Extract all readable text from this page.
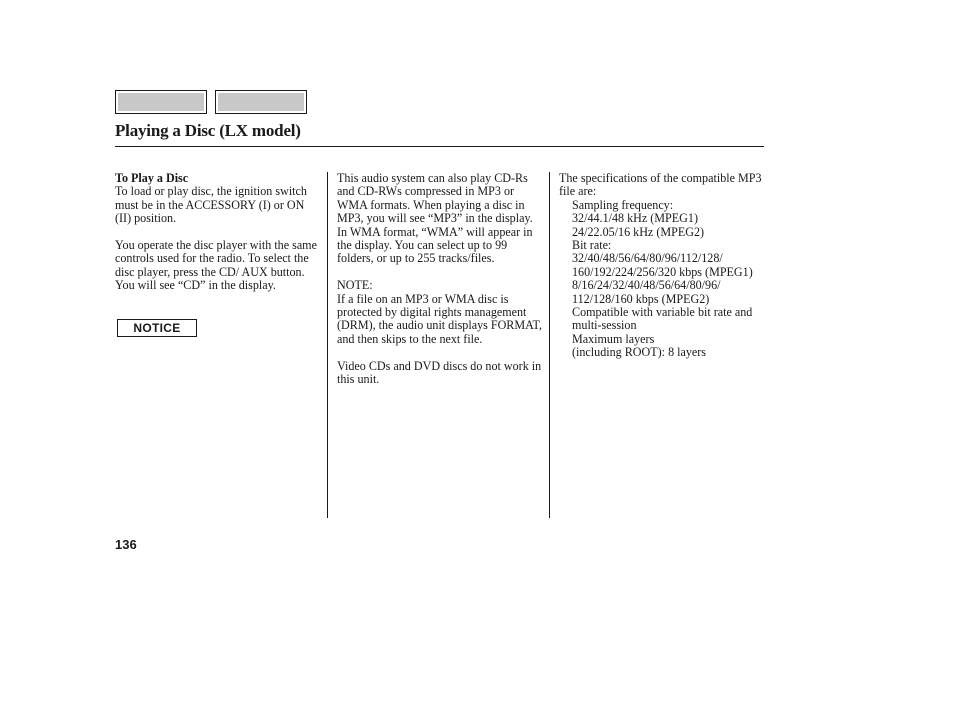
Playing a Disc (LX model)

To Play a Disc

To load or play disc, the ignition switch must be in the ACCESSORY (I) or ON (II) position.

You operate the disc player with the same controls used for the radio. To select the disc player, press the CD/ AUX button. You will see “CD” in the display.

NOTICE

This audio system can also play CD-Rs and CD-RWs compressed in MP3 or WMA formats. When playing a disc in MP3, you will see “MP3” in the display. In WMA format, “WMA” will appear in the display. You can select up to 99 folders, or up to 255 tracks/files.

NOTE:

If a file on an MP3 or WMA disc is protected by digital rights management (DRM), the audio unit displays FORMAT, and then skips to the next file.

Video CDs and DVD discs do not work in this unit.

The specifications of the compatible MP3 file are:

Sampling frequency:

32/44.1/48 kHz (MPEG1)

24/22.05/16 kHz (MPEG2)

Bit rate:

32/40/48/56/64/80/96/112/128/ 160/192/224/256/320 kbps (MPEG1)

8/16/24/32/40/48/56/64/80/96/ 112/128/160 kbps (MPEG2)

Compatible with variable bit rate and multi-session

Maximum layers

(including ROOT): 8 layers

136
